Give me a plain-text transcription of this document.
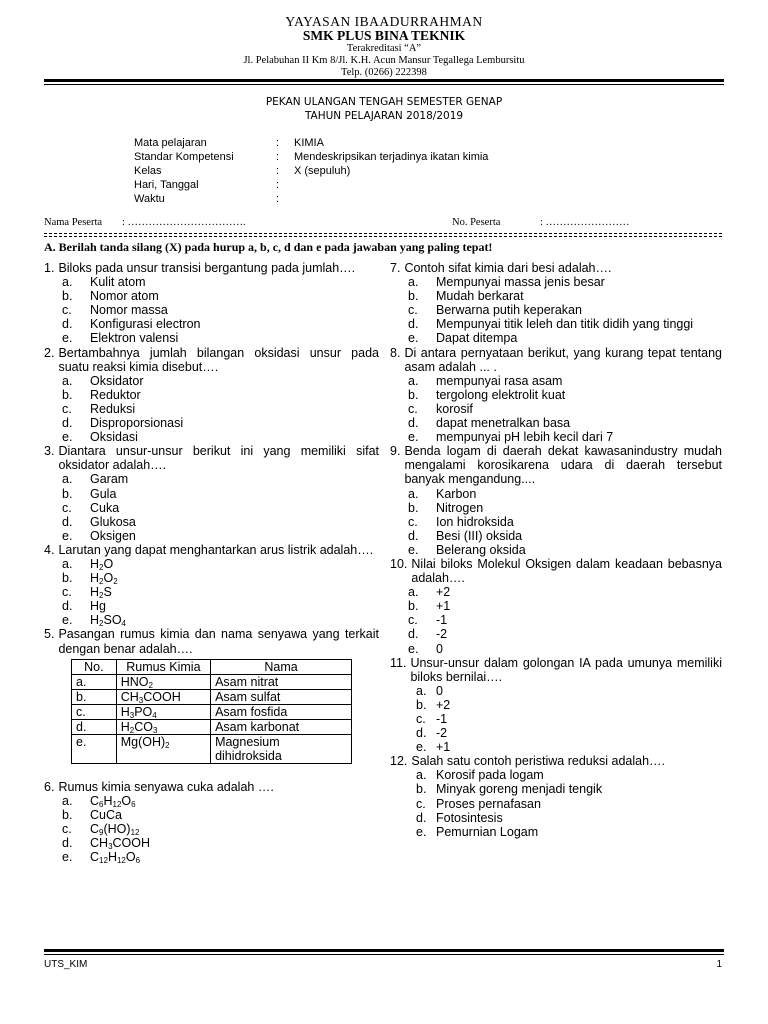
YAYASAN IBAADURRAHMAN
SMK PLUS BINA TEKNIK
Terakreditasi “A”
Jl. Pelabuhan II Km 8/Jl. K.H. Acun Mansur Tegallega Lembursitu
Telp. (0266) 222398
PEKAN ULANGAN TENGAH SEMESTER GENAP
TAHUN PELAJARAN 2018/2019
Mata pelajaran	: KIMIA
Standar Kompetensi	: Mendeskripsikan terjadinya ikatan kimia
Kelas	: X (sepuluh)
Hari, Tanggal	:
Waktu	:
Nama Peserta : …………………………….	No. Peserta	: ……………………
A. Berilah tanda silang (X) pada hurup a, b, c, d dan e pada jawaban yang paling tepat!
1. Biloks pada unsur transisi bergantung pada jumlah….
a.	Kulit atom
b.	Nomor atom
c.	Nomor massa
d.	Konfigurasi electron
e.	Elektron valensi
2. Bertambahnya jumlah bilangan oksidasi unsur pada suatu reaksi kimia disebut….
a.	Oksidator
b.	Reduktor
c.	Reduksi
d.	Disproporsionasi
e.	Oksidasi
3. Diantara unsur-unsur berikut ini yang memiliki sifat oksidator adalah….
a.	Garam
b.	Gula
c.	Cuka
d.	Glukosa
e.	Oksigen
4. Larutan yang dapat menghantarkan arus listrik adalah….
a.	$H_2O$
b.	$H_2O_2$
c.	$H_2S$
d.	Hg
e.	$H_2SO_4$
5. Pasangan rumus kimia dan nama senyawa yang terkait dengan benar adalah….
No.	Rumus Kimia	Nama
a.	$HNO_2$	Asam nitrat
b.	$CH_3COOH$	Asam sulfat
c.	$H_3PO_4$	Asam fosfida
d.	$H_2CO_3$	Asam karbonat
e.	$Mg(OH)_2$	Magnesium dihidroksida
6. Rumus kimia senyawa cuka adalah ….
a.	$C_6H_{12}O_6$
b.	CuCa
c.	$C_9(HO)_{12}$
d.	$CH_3COOH$
e.	$C_{12}H_{12}O_6$
7. Contoh sifat kimia dari besi adalah….
a.	Mempunyai massa jenis besar
b.	Mudah berkarat
c.	Berwarna putih keperakan
d.	Mempunyai titik leleh dan titik didih yang tinggi
e.	Dapat ditempa
8. Di antara pernyataan berikut, yang kurang tepat tentang asam adalah ... .
a.	mempunyai rasa asam
b.	tergolong elektrolit kuat
c.	korosif
d.	dapat menetralkan basa
e.	mempunyai pH lebih kecil dari 7
9. Benda logam di daerah dekat kawasanindustry mudah mengalami korosikarena udara di daerah tersebut banyak mengandung....
a.	Karbon
b.	Nitrogen
c.	Ion hidroksida
d.	Besi (III) oksida
e.	Belerang oksida
10. Nilai biloks Molekul Oksigen dalam keadaan bebasnya adalah….
a.	+2
b.	+1
c.	-1
d.	-2
e.	0
11. Unsur-unsur dalam golongan IA pada umunya memiliki biloks bernilai….
a. 0
b. +2
c. -1
d. -2
e. +1
12. Salah satu contoh peristiwa reduksi adalah….
a. Korosif pada logam
b. Minyak goreng menjadi tengik
c. Proses pernafasan
d. Fotosintesis
e. Pemurnian Logam
UTS_KIM	1
